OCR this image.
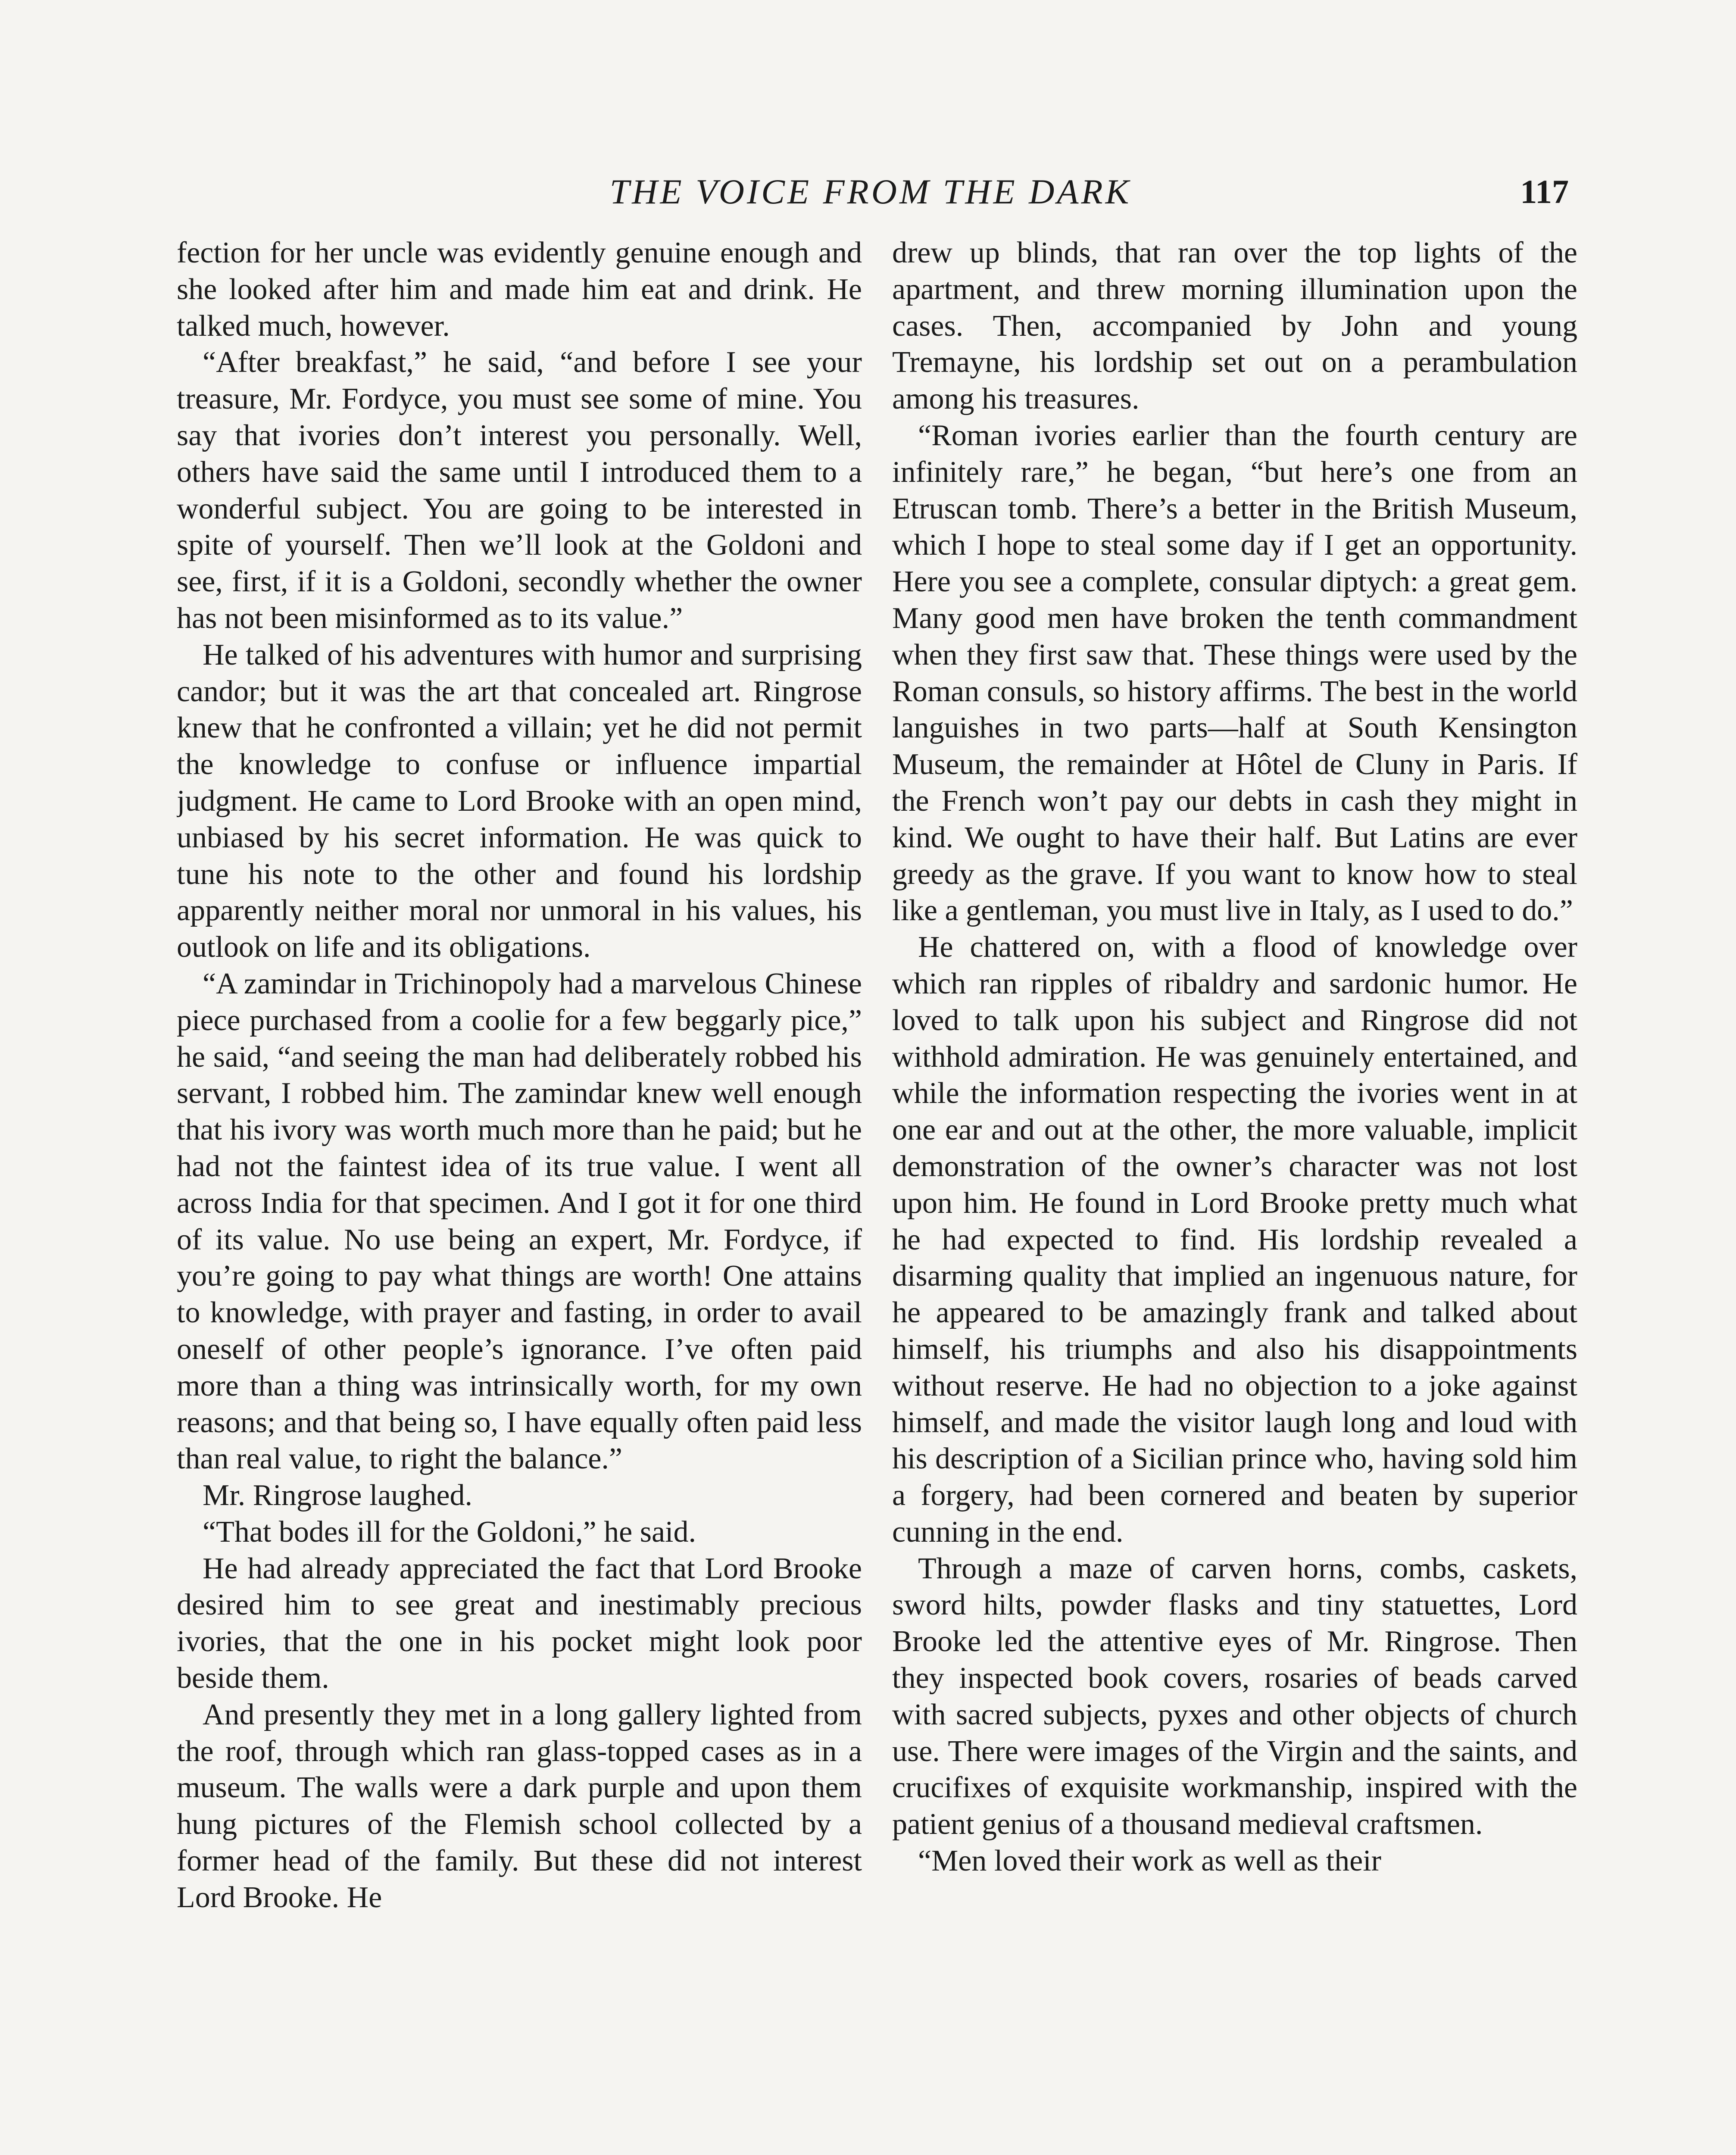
THE VOICE FROM THE DARK	117

fection for her uncle was evidently genuine enough and she looked after him and made him eat and drink. He talked much, however.

“After breakfast,” he said, “and before I see your treasure, Mr. Fordyce, you must see some of mine. You say that ivories don’t interest you personally. Well, others have said the same until I introduced them to a wonderful subject. You are going to be interested in spite of yourself. Then we’ll look at the Goldoni and see, first, if it is a Goldoni, secondly whether the owner has not been misinformed as to its value.”

He talked of his adventures with humor and surprising candor; but it was the art that concealed art. Ringrose knew that he confronted a villain; yet he did not permit the knowledge to confuse or influence impartial judgment. He came to Lord Brooke with an open mind, unbiased by his secret information. He was quick to tune his note to the other and found his lordship apparently neither moral nor unmoral in his values, his outlook on life and its obligations.

“A zamindar in Trichinopoly had a marvelous Chinese piece purchased from a coolie for a few beggarly pice,” he said, “and seeing the man had deliberately robbed his servant, I robbed him. The zamindar knew well enough that his ivory was worth much more than he paid; but he had not the faintest idea of its true value. I went all across India for that specimen. And I got it for one third of its value. No use being an expert, Mr. Fordyce, if you’re going to pay what things are worth! One attains to knowledge, with prayer and fasting, in order to avail oneself of other people’s ignorance. I’ve often paid more than a thing was intrinsically worth, for my own reasons; and that being so, I have equally often paid less than real value, to right the balance.”

Mr. Ringrose laughed.

“That bodes ill for the Goldoni,” he said.

He had already appreciated the fact that Lord Brooke desired him to see great and inestimably precious ivories, that the one in his pocket might look poor beside them.

And presently they met in a long gallery lighted from the roof, through which ran glass-topped cases as in a museum. The walls were a dark purple and upon them hung pictures of the Flemish school collected by a former head of the family. But these did not interest Lord Brooke. He

drew up blinds, that ran over the top lights of the apartment, and threw morning illumination upon the cases. Then, accompanied by John and young Tremayne, his lordship set out on a perambulation among his treasures.

“Roman ivories earlier than the fourth century are infinitely rare,” he began, “but here’s one from an Etruscan tomb. There’s a better in the British Museum, which I hope to steal some day if I get an opportunity. Here you see a complete, consular diptych: a great gem. Many good men have broken the tenth commandment when they first saw that. These things were used by the Roman consuls, so history affirms. The best in the world languishes in two parts—half at South Kensington Museum, the remainder at Hôtel de Cluny in Paris. If the French won’t pay our debts in cash they might in kind. We ought to have their half. But Latins are ever greedy as the grave. If you want to know how to steal like a gentleman, you must live in Italy, as I used to do.”

He chattered on, with a flood of knowledge over which ran ripples of ribaldry and sardonic humor. He loved to talk upon his subject and Ringrose did not withhold admiration. He was genuinely entertained, and while the information respecting the ivories went in at one ear and out at the other, the more valuable, implicit demonstration of the owner’s character was not lost upon him. He found in Lord Brooke pretty much what he had expected to find. His lordship revealed a disarming quality that implied an ingenuous nature, for he appeared to be amazingly frank and talked about himself, his triumphs and also his disappointments without reserve. He had no objection to a joke against himself, and made the visitor laugh long and loud with his description of a Sicilian prince who, having sold him a forgery, had been cornered and beaten by superior cunning in the end.

Through a maze of carven horns, combs, caskets, sword hilts, powder flasks and tiny statuettes, Lord Brooke led the attentive eyes of Mr. Ringrose. Then they inspected book covers, rosaries of beads carved with sacred subjects, pyxes and other objects of church use. There were images of the Virgin and the saints, and crucifixes of exquisite workmanship, inspired with the patient genius of a thousand medieval craftsmen.

“Men loved their work as well as their
